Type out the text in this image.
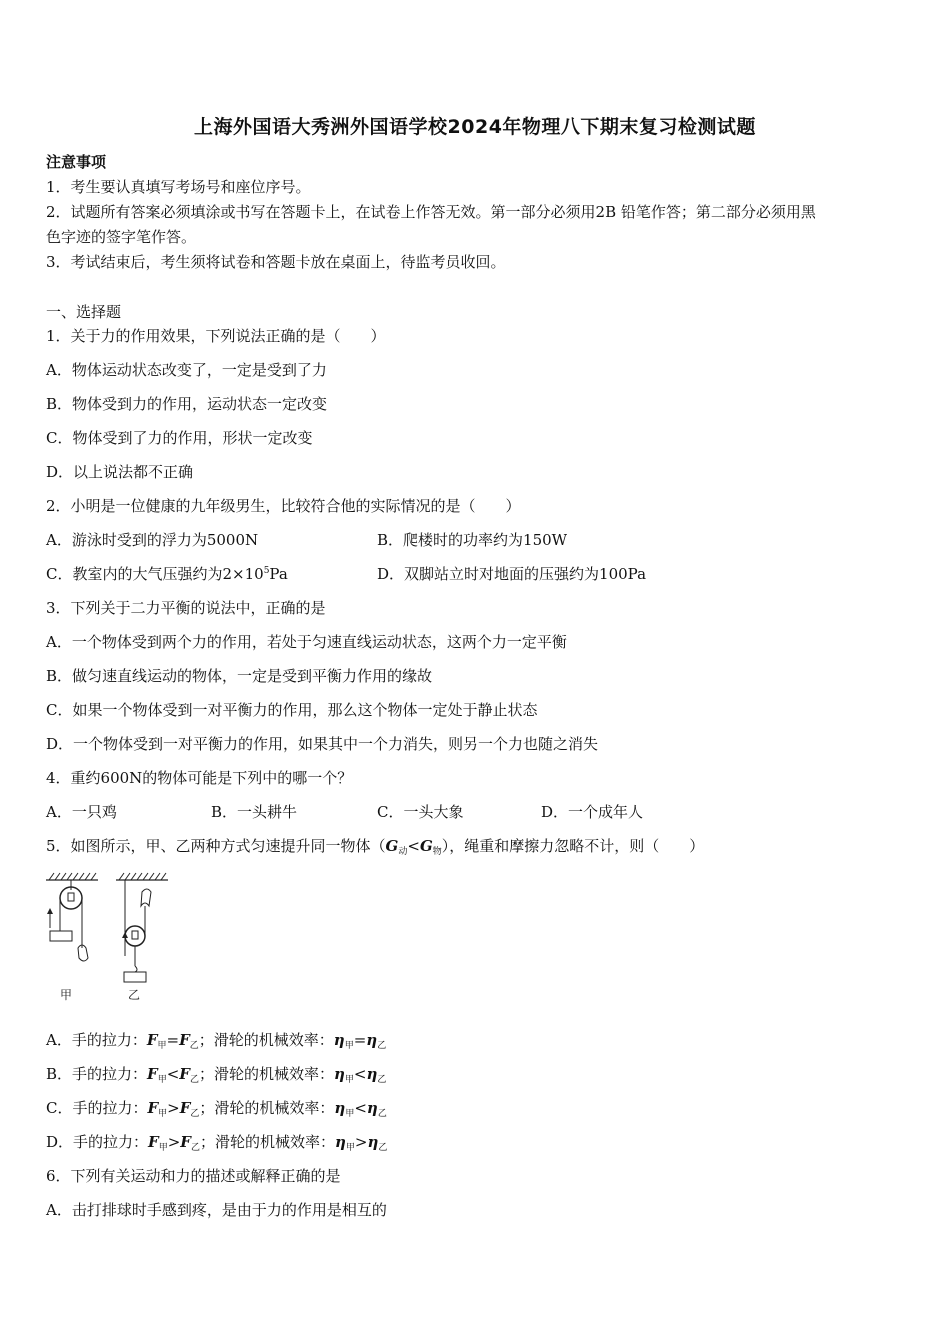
上海外国语大秀洲外国语学校2024年物理八下期末复习检测试题
注意事项
1．考生要认真填写考场号和座位序号。
2．试题所有答案必须填涂或书写在答题卡上，在试卷上作答无效。第一部分必须用2B 铅笔作答；第二部分必须用黑
色字迹的签字笔作答。
3．考试结束后，考生须将试卷和答题卡放在桌面上，待监考员收回。
一、选择题
1．关于力的作用效果，下列说法正确的是（　　）
A．物体运动状态改变了，一定是受到了力
B．物体受到力的作用，运动状态一定改变
C．物体受到了力的作用，形状一定改变
D．以上说法都不正确
2．小明是一位健康的九年级男生，比较符合他的实际情况的是（　　）
A．游泳时受到的浮力为5000N	B．爬楼时的功率约为150W
C．教室内的大气压强约为$2\times 10^5Pa$	D．双脚站立时对地面的压强约为100Pa
3．下列关于二力平衡的说法中，正确的是
A．一个物体受到两个力的作用，若处于匀速直线运动状态，这两个力一定平衡
B．做匀速直线运动的物体，一定是受到平衡力作用的缘故
C．如果一个物体受到一对平衡力的作用，那么这个物体一定处于静止状态
D．一个物体受到一对平衡力的作用，如果其中一个力消失，则另一个力也随之消失
4．重约600N的物体可能是下列中的哪一个？
A．一只鸡	B．一头耕牛	C．一头大象	D．一个成年人
5．如图所示，甲、乙两种方式匀速提升同一物体$(G_动<G_物)$，绳重和摩擦力忽略不计，则（　　）
甲	乙
A．手的拉力：$F_甲=F_乙$；滑轮的机械效率：$\eta_甲=\eta_乙$
B．手的拉力：$F_甲<F_乙$；滑轮的机械效率：$\eta_甲<\eta_乙$
C．手的拉力：$F_甲>F_乙$；滑轮的机械效率：$\eta_甲<\eta_乙$
D．手的拉力：$F_甲>F_乙$；滑轮的机械效率：$\eta_甲>\eta_乙$
6．下列有关运动和力的描述或解释正确的是
A．击打排球时手感到疼，是由于力的作用是相互的
